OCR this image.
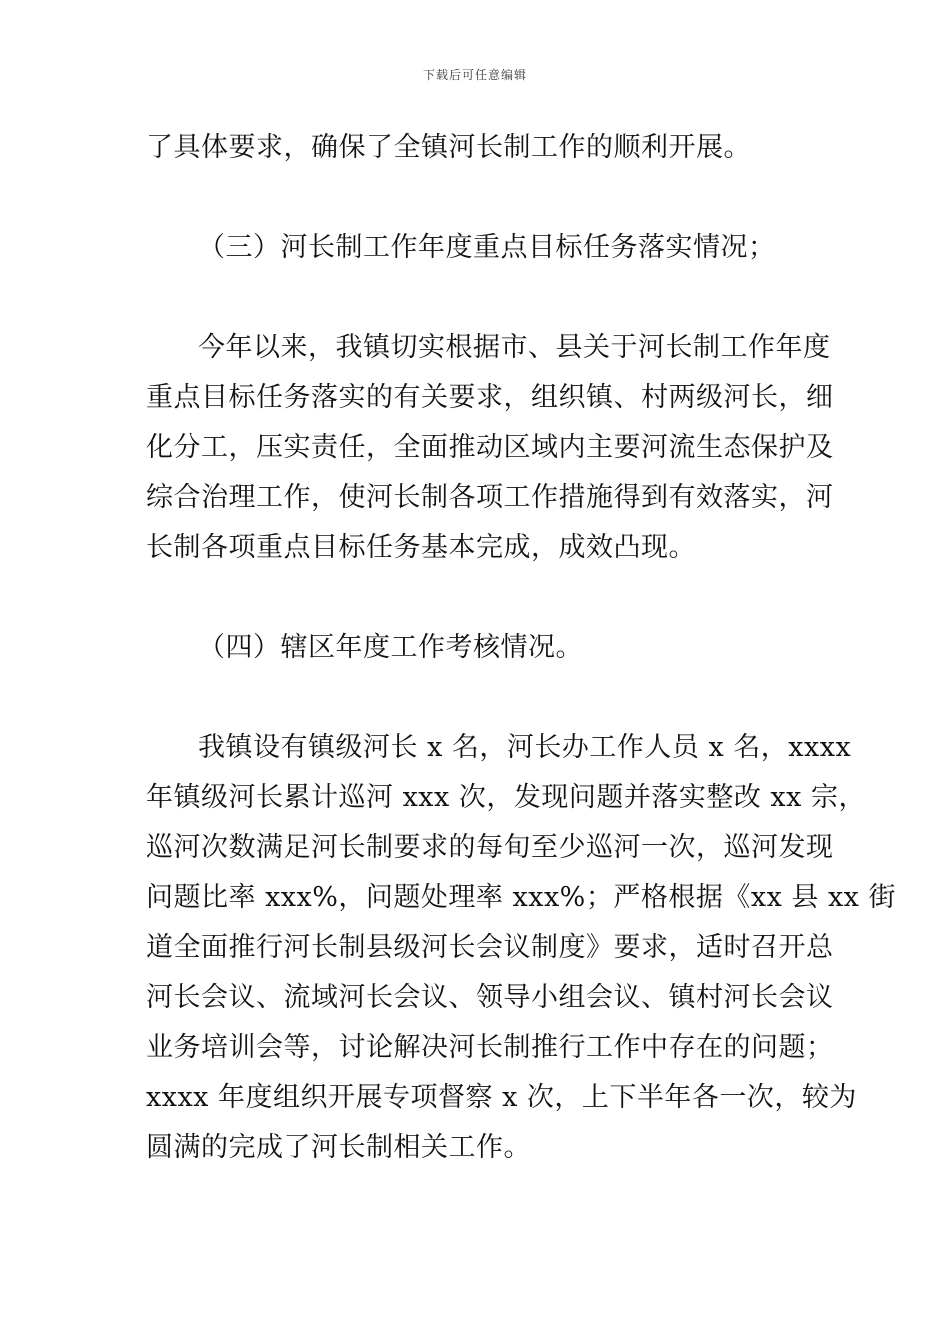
下载后可任意编辑
了具体要求，确保了全镇河长制工作的顺利开展。
（三）河长制工作年度重点目标任务落实情况；
今年以来，我镇切实根据市、县关于河长制工作年度
重点目标任务落实的有关要求，组织镇、村两级河长，细
化分工，压实责任，全面推动区域内主要河流生态保护及
综合治理工作，使河长制各项工作措施得到有效落实，河
长制各项重点目标任务基本完成，成效凸现。
（四）辖区年度工作考核情况。
我镇设有镇级河长 x 名，河长办工作人员 x 名，xxxx
年镇级河长累计巡河 xxx 次，发现问题并落实整改 xx 宗，
巡河次数满足河长制要求的每旬至少巡河一次，巡河发现
问题比率 xxx%，问题处理率 xxx%；严格根据《xx 县 xx 街
道全面推行河长制县级河长会议制度》要求，适时召开总
河长会议、流域河长会议、领导小组会议、镇村河长会议
业务培训会等，讨论解决河长制推行工作中存在的问题；
xxxx 年度组织开展专项督察 x 次，上下半年各一次，较为
圆满的完成了河长制相关工作。
